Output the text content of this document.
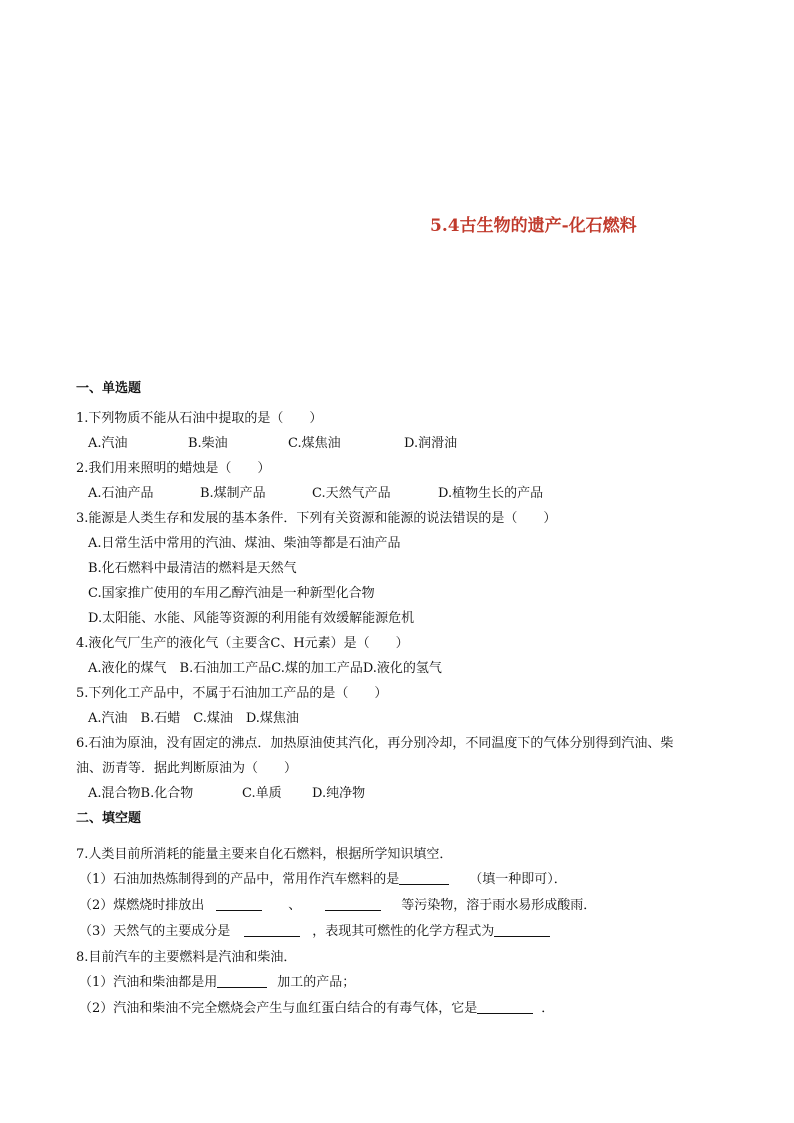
5.4古生物的遗产-化石燃料

一、单选题

1.下列物质不能从石油中提取的是（　　）

A.汽油	B.柴油	C.煤焦油	D.润滑油

2.我们用来照明的蜡烛是（　　）

A.石油产品	B.煤制产品	C.天然气产品	D.植物生长的产品

3.能源是人类生存和发展的基本条件．下列有关资源和能源的说法错误的是（　　）

A.日常生活中常用的汽油、煤油、柴油等都是石油产品

B.化石燃料中最清洁的燃料是天然气

C.国家推广使用的车用乙醇汽油是一种新型化合物

D.太阳能、水能、风能等资源的利用能有效缓解能源危机

4.液化气厂生产的液化气（主要含C、H元素）是（　　）

A.液化的煤气　B.石油加工产品C.煤的加工产品D.液化的氢气

5.下列化工产品中，不属于石油加工产品的是（　　）

A.汽油　B.石蜡　C.煤油　D.煤焦油

6.石油为原油，没有固定的沸点．加热原油使其汽化，再分别冷却，不同温度下的气体分别得到汽油、柴

油、沥青等．据此判断原油为（　　）

A.混合物B.化合物	C.单质 D.纯净物

二、填空题

7.人类目前所消耗的能量主要来自化石燃料，根据所学知识填空．

（1）石油加热炼制得到的产品中，常用作汽车燃料的是	（填一种即可）．

（2）煤燃烧时排放出	、	等污染物，溶于雨水易形成酸雨．

（3）天然气的主要成分是	，表现其可燃性的化学方程式为

8.目前汽车的主要燃料是汽油和柴油．

（1）汽油和柴油都是用	加工的产品；

（2）汽油和柴油不完全燃烧会产生与血红蛋白结合的有毒气体，它是	．
